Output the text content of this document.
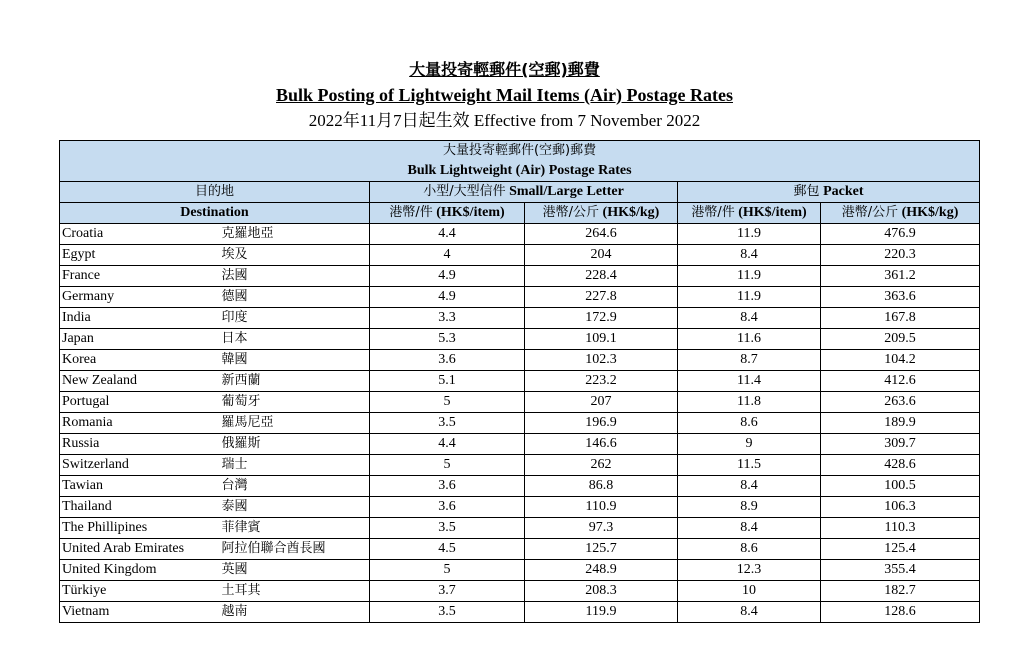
大量投寄輕郵件(空郵)郵費
Bulk Posting of Lightweight Mail Items (Air) Postage Rates
2022年11月7日起生效 Effective from 7 November 2022
大量投寄輕郵件(空郵)郵費
Bulk Lightweight (Air) Postage Rates					

目的地		小型/大型信件 Small/Large Letter		郵包 Packet	
Destination		港幣/件 (HK$/item)	港幣/公斤 (HK$/kg)	港幣/件 (HK$/item)	港幣/公斤 (HK$/kg)
Croatia	克羅地亞	4.4	264.6	11.9	476.9
Egypt	埃及	4	204	8.4	220.3
France	法國	4.9	228.4	11.9	361.2
Germany	德國	4.9	227.8	11.9	363.6
India	印度	3.3	172.9	8.4	167.8
Japan	日本	5.3	109.1	11.6	209.5
Korea	韓國	3.6	102.3	8.7	104.2
New Zealand	新西蘭	5.1	223.2	11.4	412.6
Portugal	葡萄牙	5	207	11.8	263.6
Romania	羅馬尼亞	3.5	196.9	8.6	189.9
Russia	俄羅斯	4.4	146.6	9	309.7
Switzerland	瑞士	5	262	11.5	428.6
Tawian	台灣	3.6	86.8	8.4	100.5
Thailand	泰國	3.6	110.9	8.9	106.3
The Phillipines	菲律賓	3.5	97.3	8.4	110.3
United Arab Emirates	阿拉伯聯合酋長國	4.5	125.7	8.6	125.4
United Kingdom	英國	5	248.9	12.3	355.4
Türkiye	土耳其	3.7	208.3	10	182.7
Vietnam	越南	3.5	119.9	8.4	128.6
